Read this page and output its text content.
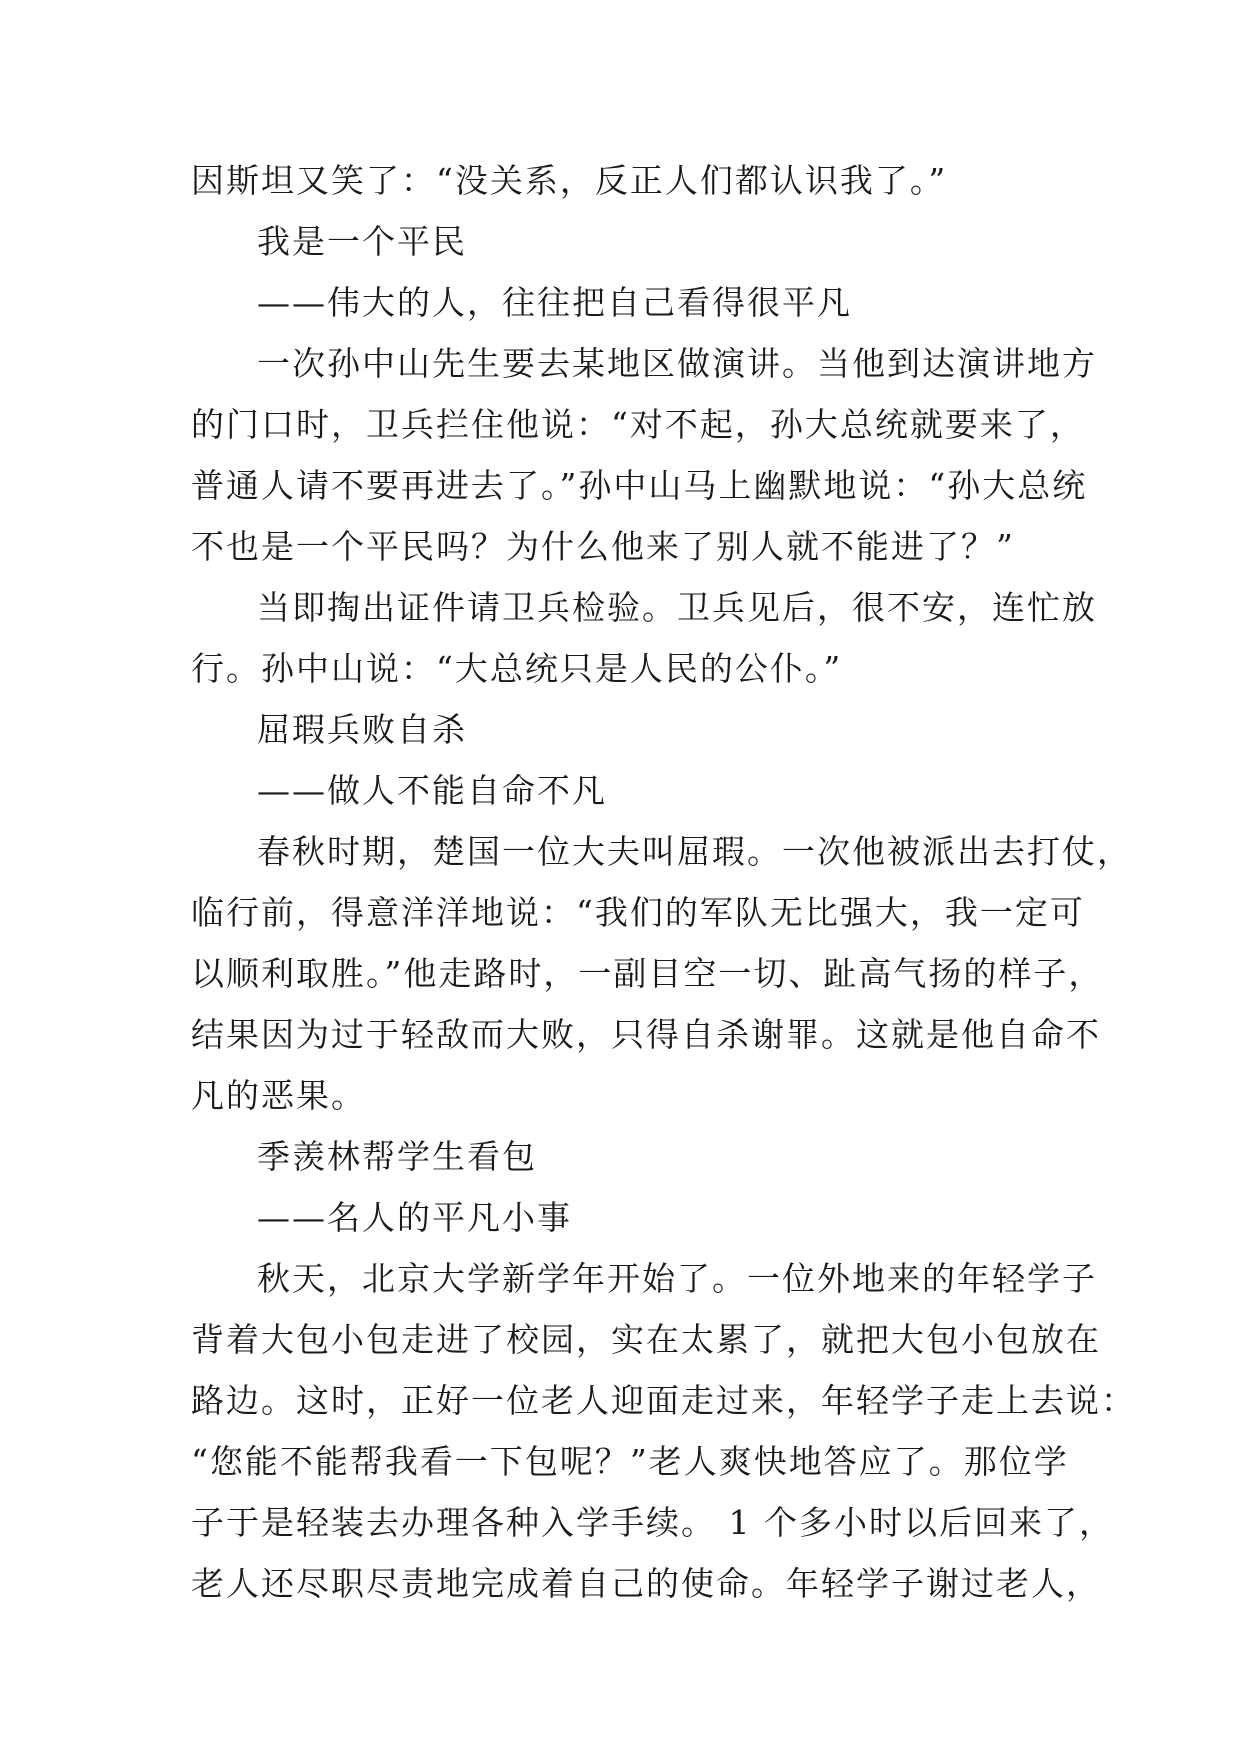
因斯坦又笑了：“没关系，反正人们都认识我了。”

我是一个平民

——伟大的人，往往把自己看得很平凡

一次孙中山先生要去某地区做演讲。当他到达演讲地方

的门口时，卫兵拦住他说：“对不起，孙大总统就要来了，

普通人请不要再进去了。”孙中山马上幽默地说：“孙大总统

不也是一个平民吗？为什么他来了别人就不能进了？”

当即掏出证件请卫兵检验。卫兵见后，很不安，连忙放

行。孙中山说：“大总统只是人民的公仆。”

屈瑕兵败自杀

——做人不能自命不凡

春秋时期，楚国一位大夫叫屈瑕。一次他被派出去打仗，

临行前，得意洋洋地说：“我们的军队无比强大，我一定可

以顺利取胜。”他走路时，一副目空一切、趾高气扬的样子，

结果因为过于轻敌而大败，只得自杀谢罪。这就是他自命不

凡的恶果。

季羡林帮学生看包

——名人的平凡小事

秋天，北京大学新学年开始了。一位外地来的年轻学子

背着大包小包走进了校园，实在太累了，就把大包小包放在

路边。这时，正好一位老人迎面走过来，年轻学子走上去说：

“您能不能帮我看一下包呢？”老人爽快地答应了。那位学

子于是轻装去办理各种入学手续。 1 个多小时以后回来了，

老人还尽职尽责地完成着自己的使命。年轻学子谢过老人，
